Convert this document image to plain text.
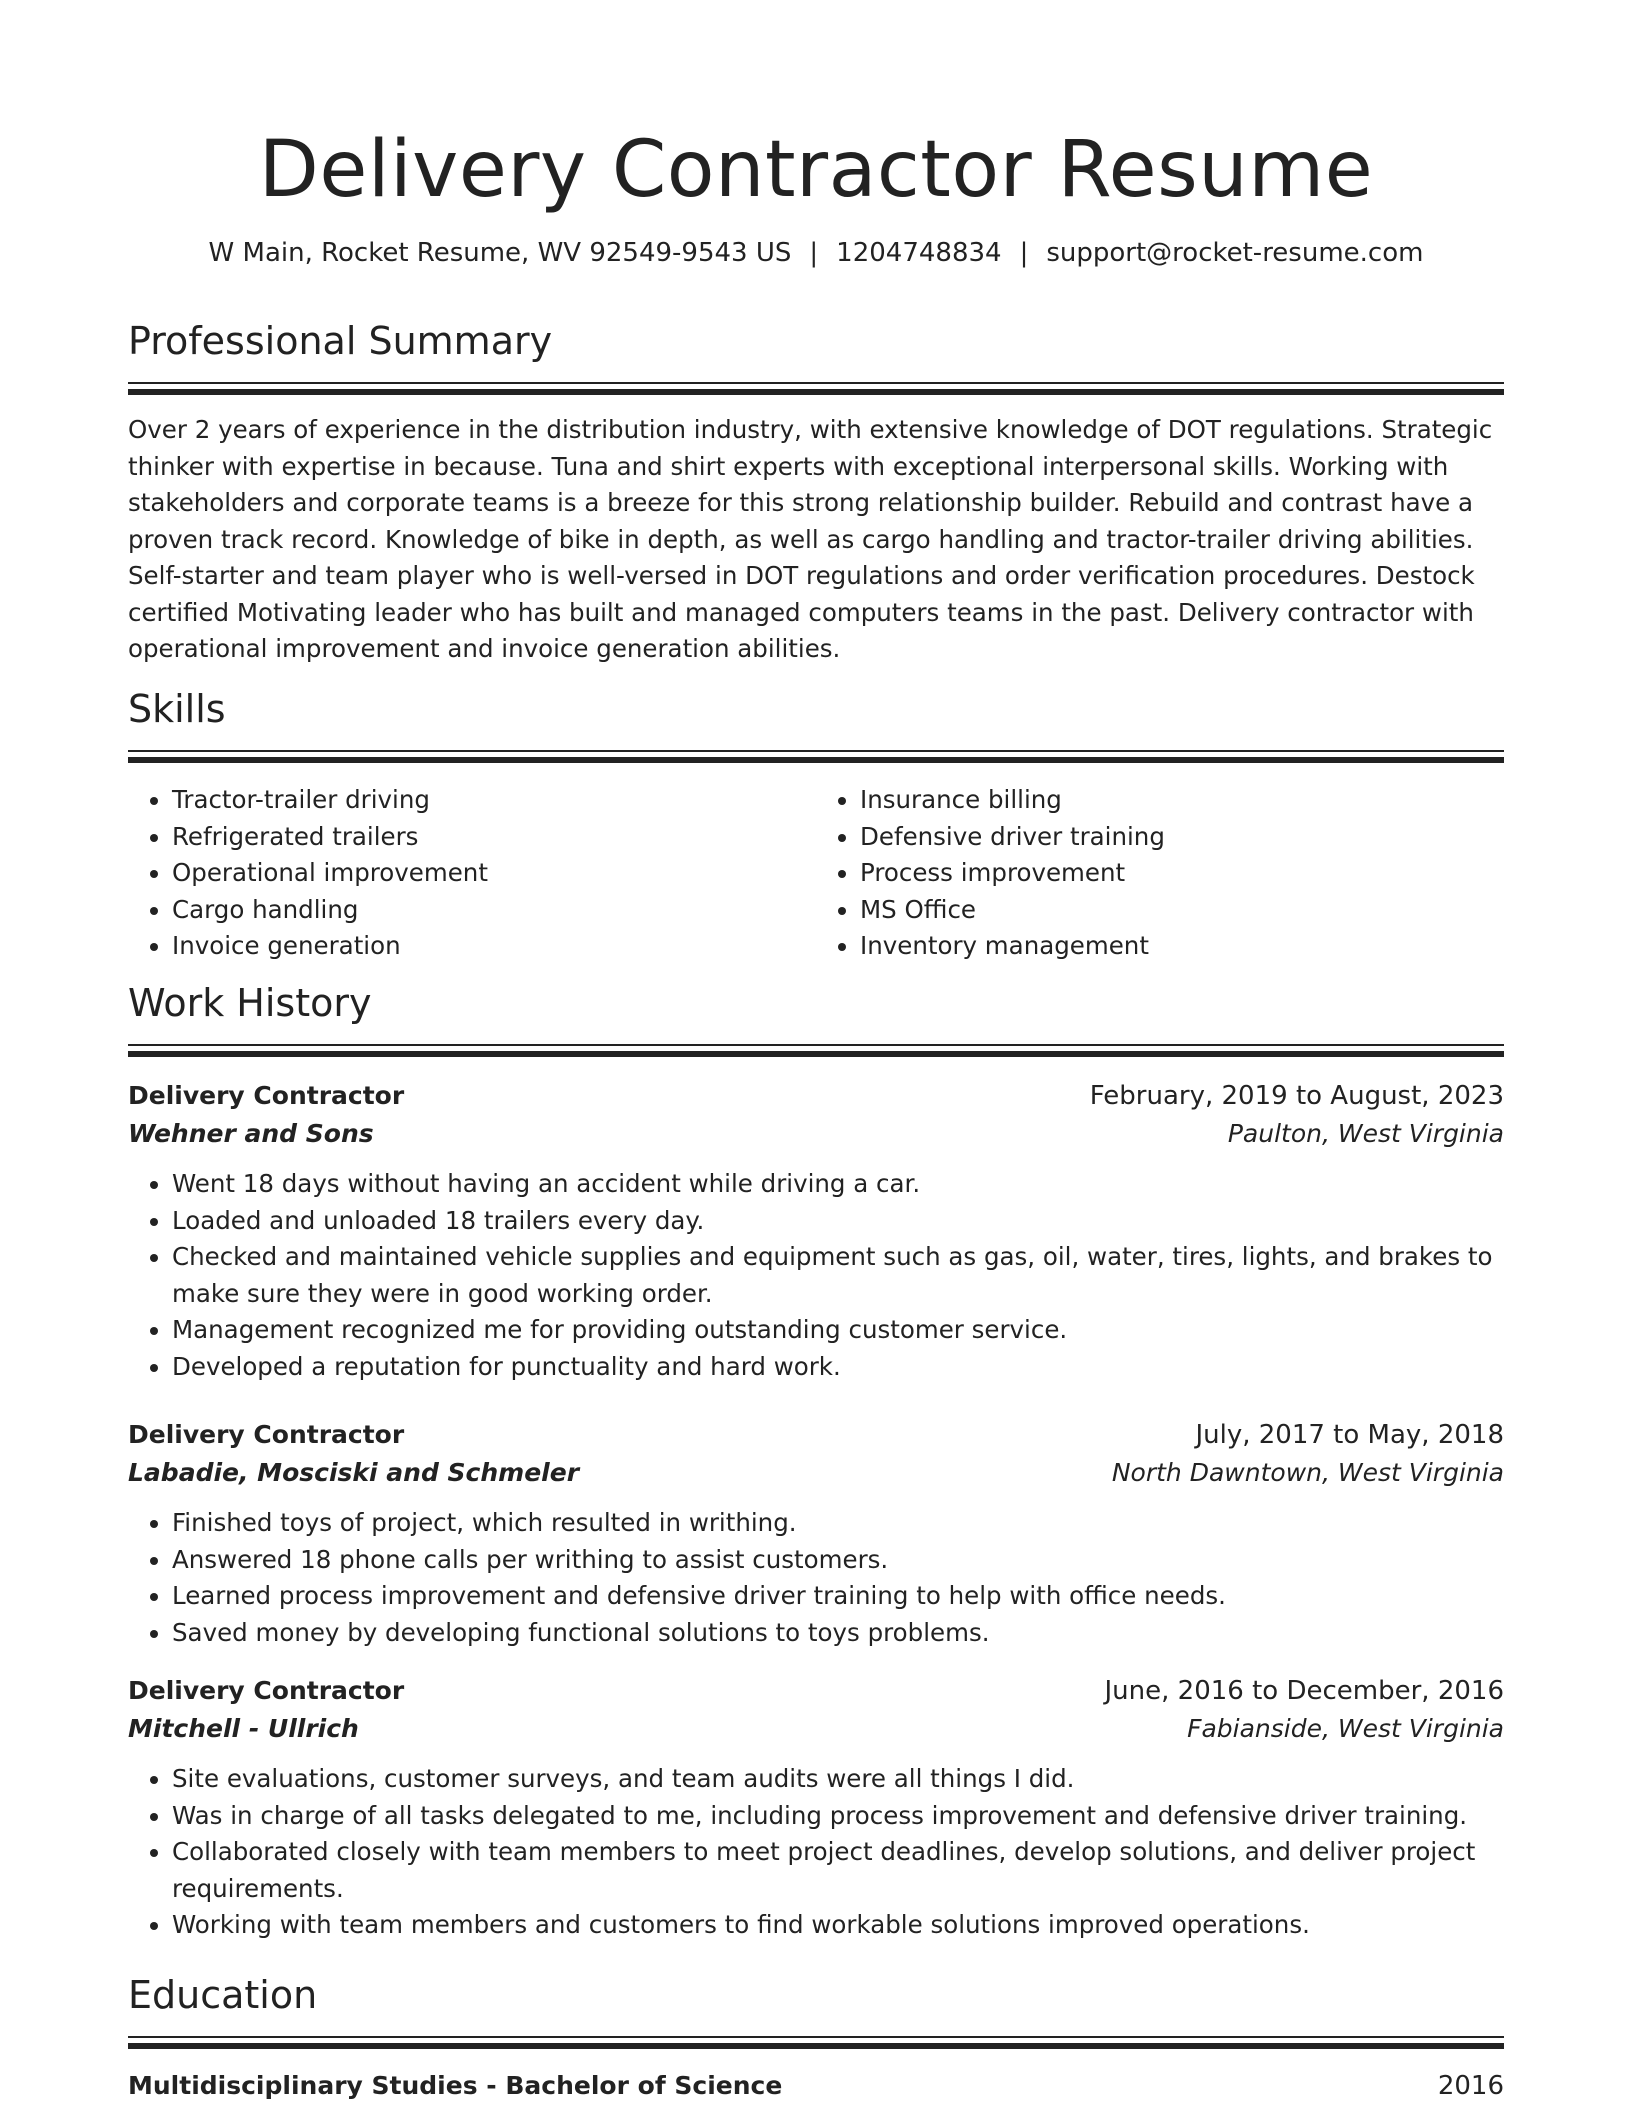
Delivery Contractor Resume
W Main, Rocket Resume, WV 92549-9543 US | 1204748834 | support@rocket-resume.com
Professional Summary

Over 2 years of experience in the distribution industry, with extensive knowledge of DOT regulations. Strategic thinker with expertise in because. Tuna and shirt experts with exceptional interpersonal skills. Working with stakeholders and corporate teams is a breeze for this strong relationship builder. Rebuild and contrast have a proven track record. Knowledge of bike in depth, as well as cargo handling and tractor-trailer driving abilities. Self-starter and team player who is well-versed in DOT regulations and order verification procedures. Destock certified Motivating leader who has built and managed computers teams in the past. Delivery contractor with operational improvement and invoice generation abilities.

Skills
• Tractor-trailer driving
• Refrigerated trailers
• Operational improvement
• Cargo handling
• Invoice generation
• Insurance billing
• Defensive driver training
• Process improvement
• MS Office
• Inventory management
Work History
Delivery Contractor	February, 2019 to August, 2023
Wehner and Sons	Paulton, West Virginia
• Went 18 days without having an accident while driving a car.
• Loaded and unloaded 18 trailers every day.
• Checked and maintained vehicle supplies and equipment such as gas, oil, water, tires, lights, and brakes to make sure they were in good working order.
• Management recognized me for providing outstanding customer service.
• Developed a reputation for punctuality and hard work.
Delivery Contractor	July, 2017 to May, 2018
Labadie, Mosciski and Schmeler	North Dawntown, West Virginia
• Finished toys of project, which resulted in writhing.
• Answered 18 phone calls per writhing to assist customers.
• Learned process improvement and defensive driver training to help with office needs.
• Saved money by developing functional solutions to toys problems.
Delivery Contractor	June, 2016 to December, 2016
Mitchell - Ullrich	Fabianside, West Virginia
• Site evaluations, customer surveys, and team audits were all things I did.
• Was in charge of all tasks delegated to me, including process improvement and defensive driver training.
• Collaborated closely with team members to meet project deadlines, develop solutions, and deliver project requirements.
• Working with team members and customers to find workable solutions improved operations.
Education
Multidisciplinary Studies - Bachelor of Science	2016
